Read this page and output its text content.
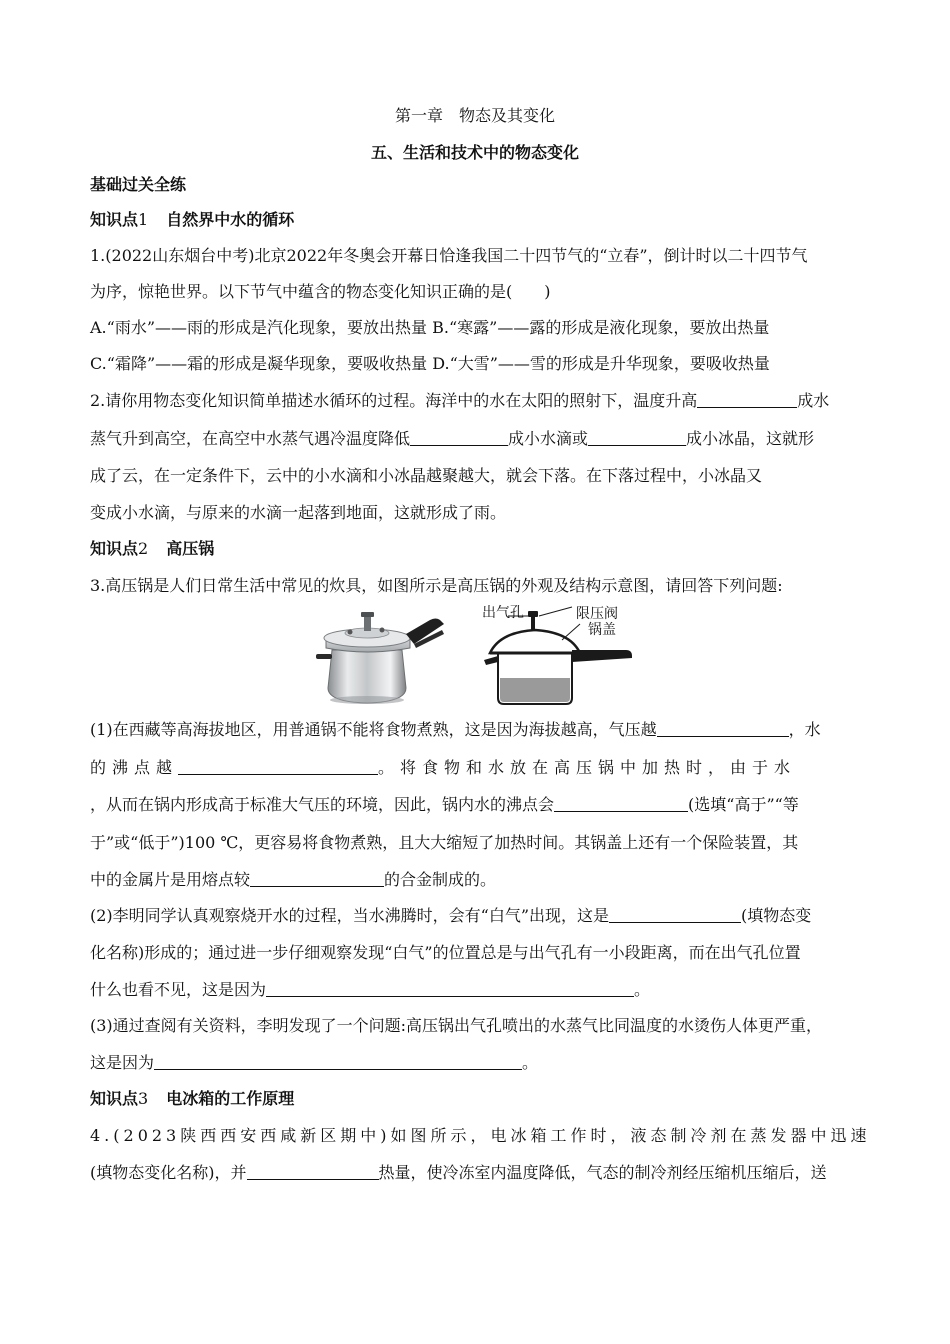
第一章　物态及其变化
五、生活和技术中的物态变化
基础过关全练
知识点1 自然界中水的循环
1.(2022山东烟台中考)北京2022年冬奥会开幕日恰逢我国二十四节气的“立春”，倒计时以二十四节气
为序，惊艳世界。以下节气中蕴含的物态变化知识正确的是(　　)
A.“雨水”——雨的形成是汽化现象，要放出热量 B.“寒露”——露的形成是液化现象，要放出热量
C.“霜降”——霜的形成是凝华现象，要吸收热量 D.“大雪”——雪的形成是升华现象，要吸收热量
2.请你用物态变化知识简单描述水循环的过程。海洋中的水在太阳的照射下，温度升高	成水
蒸气升到高空，在高空中水蒸气遇冷温度降低	成小水滴或	成小冰晶，这就形
成了云，在一定条件下，云中的小水滴和小冰晶越聚越大，就会下落。在下落过程中，小冰晶又
变成小水滴，与原来的水滴一起落到地面，这就形成了雨。
知识点2 高压锅
3.高压锅是人们日常生活中常见的炊具，如图所示是高压锅的外观及结构示意图，请回答下列问题:
出气孔	限压阀
锅盖
(1)在西藏等高海拔地区，用普通锅不能将食物煮熟，这是因为海拔越高，气压越	，水
的沸点越	。将食物和水放在高压锅中加热时，由于水
，从而在锅内形成高于标准大气压的环境，因此，锅内水的沸点会	(选填“高于”“等
于”或“低于”)100 ℃，更容易将食物煮熟，且大大缩短了加热时间。其锅盖上还有一个保险装置，其
中的金属片是用熔点较	的合金制成的。
(2)李明同学认真观察烧开水的过程，当水沸腾时，会有“白气”出现，这是	(填物态变
化名称)形成的；通过进一步仔细观察发现“白气”的位置总是与出气孔有一小段距离，而在出气孔位置
什么也看不见，这是因为	。
(3)通过查阅有关资料，李明发现了一个问题:高压锅出气孔喷出的水蒸气比同温度的水烫伤人体更严重，
这是因为	。
知识点3 电冰箱的工作原理
4.(2023陕西西安西咸新区期中)如图所示，电冰箱工作时，液态制冷剂在蒸发器中迅速
(填物态变化名称)，并	热量，使冷冻室内温度降低，气态的制冷剂经压缩机压缩后，送
